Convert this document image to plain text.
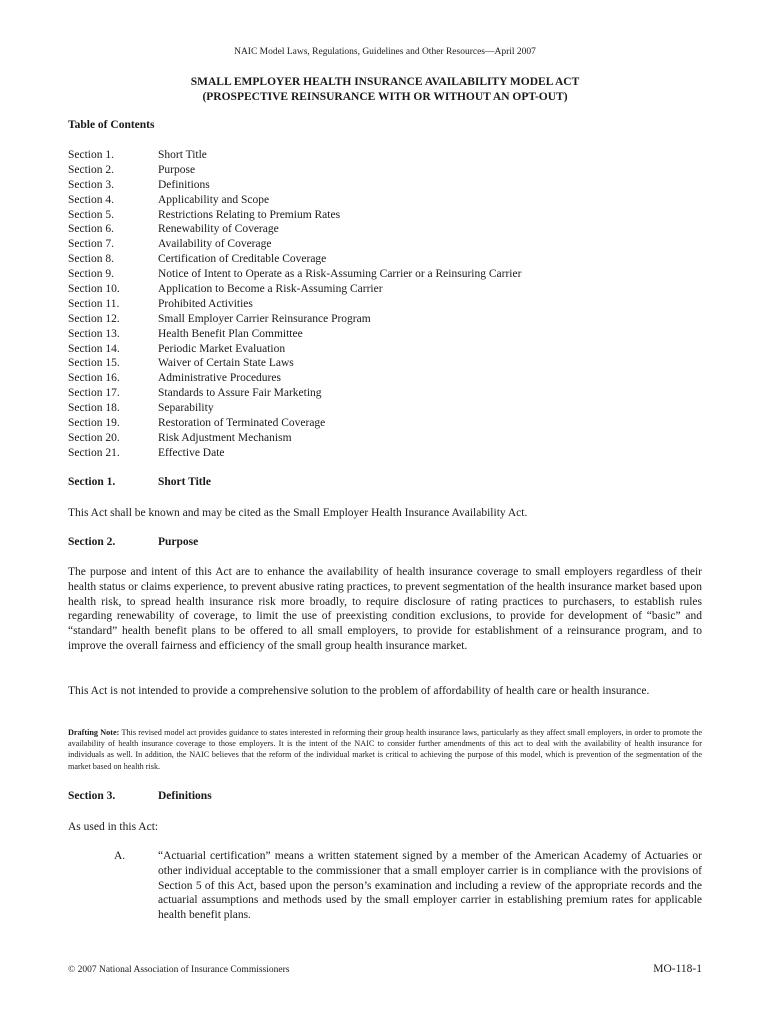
NAIC Model Laws, Regulations, Guidelines and Other Resources—April 2007
SMALL EMPLOYER HEALTH INSURANCE AVAILABILITY MODEL ACT
(PROSPECTIVE REINSURANCE WITH OR WITHOUT AN OPT-OUT)
Table of Contents
Section 1.	Short Title
Section 2.	Purpose
Section 3.	Definitions
Section 4.	Applicability and Scope
Section 5.	Restrictions Relating to Premium Rates
Section 6.	Renewability of Coverage
Section 7.	Availability of Coverage
Section 8.	Certification of Creditable Coverage
Section 9.	Notice of Intent to Operate as a Risk-Assuming Carrier or a Reinsuring Carrier
Section 10.	Application to Become a Risk-Assuming Carrier
Section 11.	Prohibited Activities
Section 12.	Small Employer Carrier Reinsurance Program
Section 13.	Health Benefit Plan Committee
Section 14.	Periodic Market Evaluation
Section 15.	Waiver of Certain State Laws
Section 16.	Administrative Procedures
Section 17.	Standards to Assure Fair Marketing
Section 18.	Separability
Section 19.	Restoration of Terminated Coverage
Section 20.	Risk Adjustment Mechanism
Section 21.	Effective Date
Section 1.	Short Title
This Act shall be known and may be cited as the Small Employer Health Insurance Availability Act.
Section 2.	Purpose
The purpose and intent of this Act are to enhance the availability of health insurance coverage to small employers regardless of their health status or claims experience, to prevent abusive rating practices, to prevent segmentation of the health insurance market based upon health risk, to spread health insurance risk more broadly, to require disclosure of rating practices to purchasers, to establish rules regarding renewability of coverage, to limit the use of preexisting condition exclusions, to provide for development of “basic” and “standard” health benefit plans to be offered to all small employers, to provide for establishment of a reinsurance program, and to improve the overall fairness and efficiency of the small group health insurance market.
This Act is not intended to provide a comprehensive solution to the problem of affordability of health care or health insurance.
Drafting Note: This revised model act provides guidance to states interested in reforming their group health insurance laws, particularly as they affect small employers, in order to promote the availability of health insurance coverage to those employers. It is the intent of the NAIC to consider further amendments of this act to deal with the availability of health insurance for individuals as well. In addition, the NAIC believes that the reform of the individual market is critical to achieving the purpose of this model, which is prevention of the segmentation of the market based on health risk.
Section 3.	Definitions
As used in this Act:
A.	“Actuarial certification” means a written statement signed by a member of the American Academy of Actuaries or other individual acceptable to the commissioner that a small employer carrier is in compliance with the provisions of Section 5 of this Act, based upon the person’s examination and including a review of the appropriate records and the actuarial assumptions and methods used by the small employer carrier in establishing premium rates for applicable health benefit plans.
© 2007 National Association of Insurance Commissioners	MO-118-1
